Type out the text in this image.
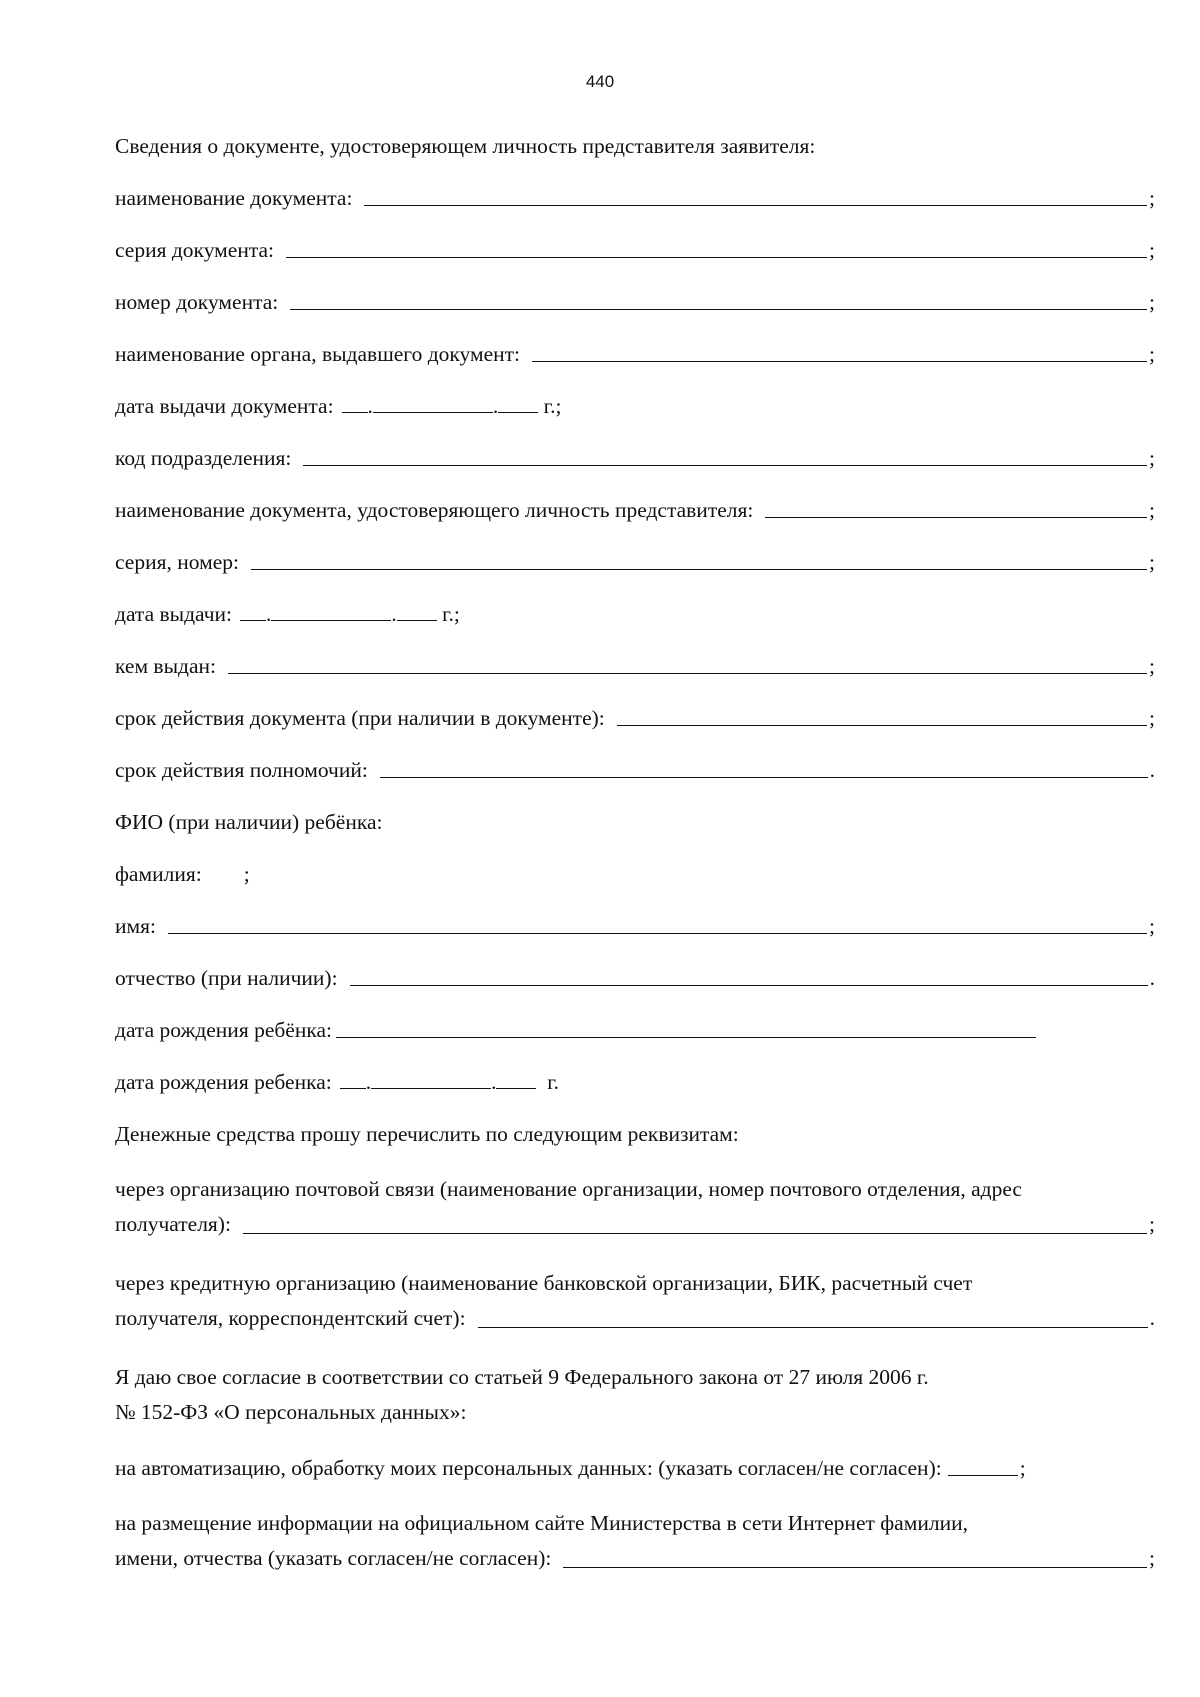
440
Сведения о документе, удостоверяющем личность представителя заявителя:
наименование документа:	;
серия документа:	;
номер документа:	;
наименование органа, выдавшего документ:	;
дата выдачи документа: .	.
г.;
код подразделения:	;
наименование документа, удостоверяющего личность представителя:	;
серия, номер:	;
дата выдачи: .	.
г.;
кем выдан:	;
срок действия документа (при наличии в документе):	;
срок действия полномочий:	.
ФИО (при наличии) ребёнка:
фамилия: ;
имя:	;
отчество (при наличии):	.
дата рождения ребёнка:
дата рождения ребенка: .	.
г.
Денежные средства прошу перечислить по следующим реквизитам:
через организацию почтовой связи (наименование организации, номер почтового отделения, адрес
получателя):	;
через кредитную организацию (наименование банковской организации, БИК, расчетный счет
получателя, корреспондентский счет):	.
Я даю свое согласие в соответствии со статьей 9 Федерального закона от 27 июля 2006 г.
№ 152-ФЗ «О персональных данных»:
на автоматизацию, обработку моих персональных данных: (указать согласен/не согласен):	;
на размещение информации на официальном сайте Министерства в сети Интернет фамилии,
имени, отчества (указать согласен/не согласен):	;
